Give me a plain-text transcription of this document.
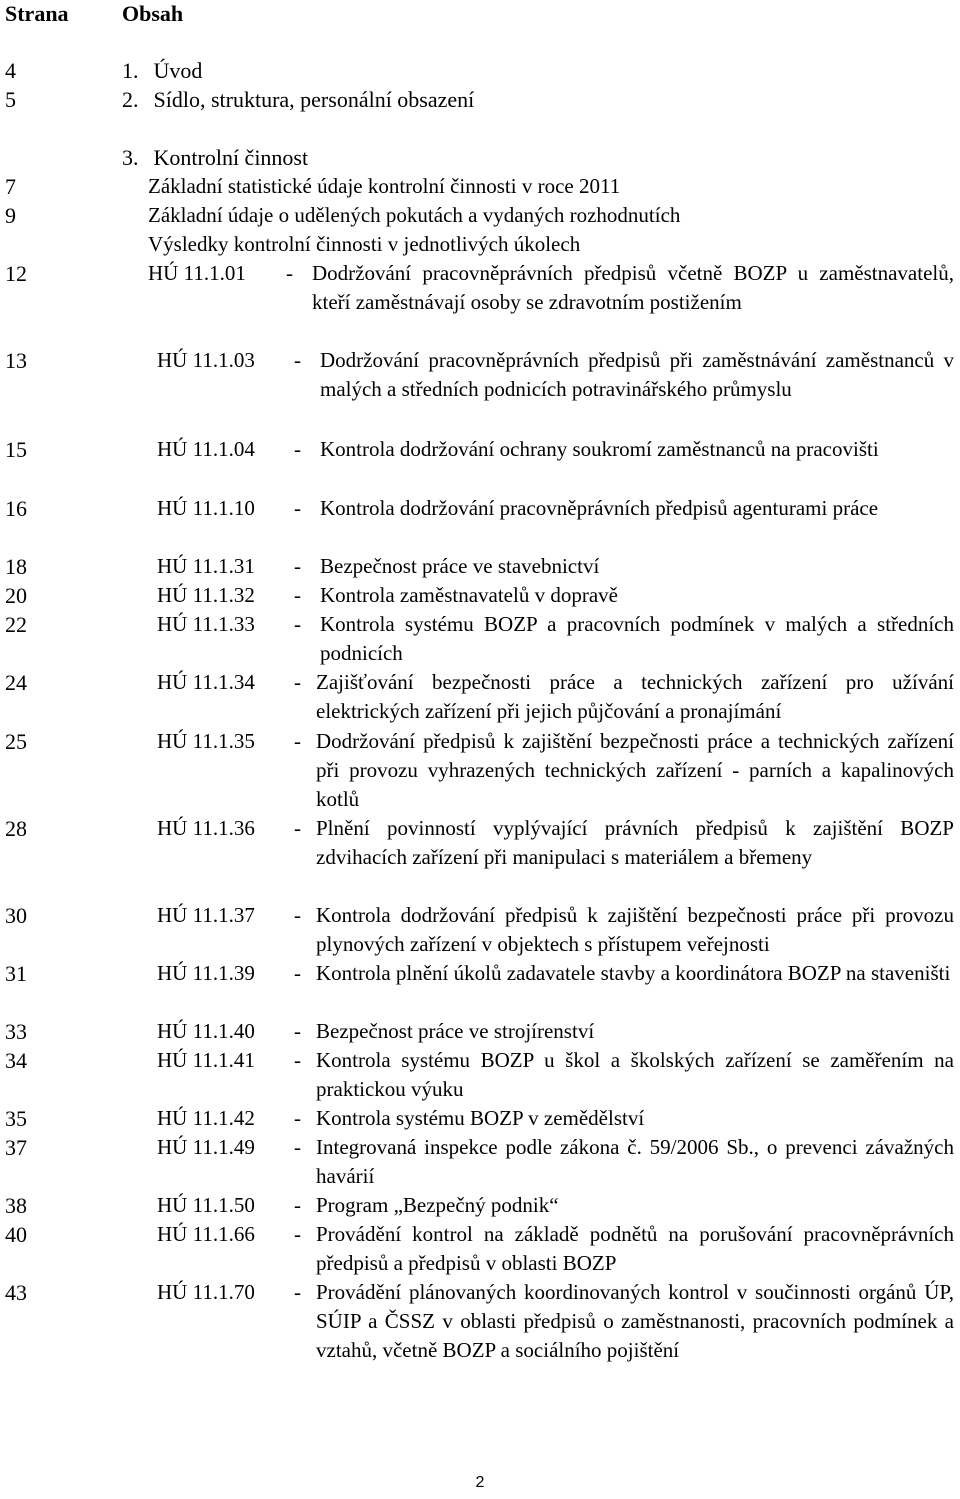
Strana Obsah
4	1. Úvod
5	2. Sídlo, struktura, personální obsazení
3. Kontrolní činnost
7	Základní statistické údaje kontrolní činnosti v roce 2011
9	Základní údaje o udělených pokutách a vydaných rozhodnutích
Výsledky kontrolní činnosti v jednotlivých úkolech
12	HÚ 11.1.01	- Dodržování pracovněprávních předpisů včetně BOZP u zaměstnavatelů, kteří zaměstnávají osoby se zdravotním postižením
13	HÚ 11.1.03	- Dodržování pracovněprávních předpisů při zaměstnávání zaměstnanců v malých a středních podnicích potravinářského průmyslu
15	HÚ 11.1.04	- Kontrola dodržování ochrany soukromí zaměstnanců na pracovišti
16	HÚ 11.1.10	- Kontrola dodržování pracovněprávních předpisů agenturami práce
18	HÚ 11.1.31	- Bezpečnost práce ve stavebnictví
20	HÚ 11.1.32	- Kontrola zaměstnavatelů v dopravě
22	HÚ 11.1.33	- Kontrola systému BOZP a pracovních podmínek v malých a středních podnicích
24	HÚ 11.1.34	- Zajišťování bezpečnosti práce a technických zařízení pro užívání elektrických zařízení při jejich půjčování a pronajímání
25	HÚ 11.1.35	- Dodržování předpisů k zajištění bezpečnosti práce a technických zařízení při provozu vyhrazených technických zařízení - parních a kapalinových kotlů
28	HÚ 11.1.36	- Plnění povinností vyplývající právních předpisů k zajištění BOZP zdvihacích zařízení při manipulaci s materiálem a břemeny
30	HÚ 11.1.37	- Kontrola dodržování předpisů k zajištění bezpečnosti práce při provozu plynových zařízení v objektech s přístupem veřejnosti
31	HÚ 11.1.39	- Kontrola plnění úkolů zadavatele stavby a koordinátora BOZP na staveništi
33	HÚ 11.1.40	- Bezpečnost práce ve strojírenství
34	HÚ 11.1.41	- Kontrola systému BOZP u škol a školských zařízení se zaměřením na praktickou výuku
35	HÚ 11.1.42	- Kontrola systému BOZP v zemědělství
37	HÚ 11.1.49	- Integrovaná inspekce podle zákona č. 59/2006 Sb., o prevenci závažných havárií
38	HÚ 11.1.50	- Program „Bezpečný podnik“
40	HÚ 11.1.66	- Provádění kontrol na základě podnětů na porušování pracovněprávních předpisů a předpisů v oblasti BOZP
43	HÚ 11.1.70	- Provádění plánovaných koordinovaných kontrol v součinnosti orgánů ÚP, SÚIP a ČSSZ v oblasti předpisů o zaměstnanosti, pracovních podmínek a vztahů, včetně BOZP a sociálního pojištění
2
